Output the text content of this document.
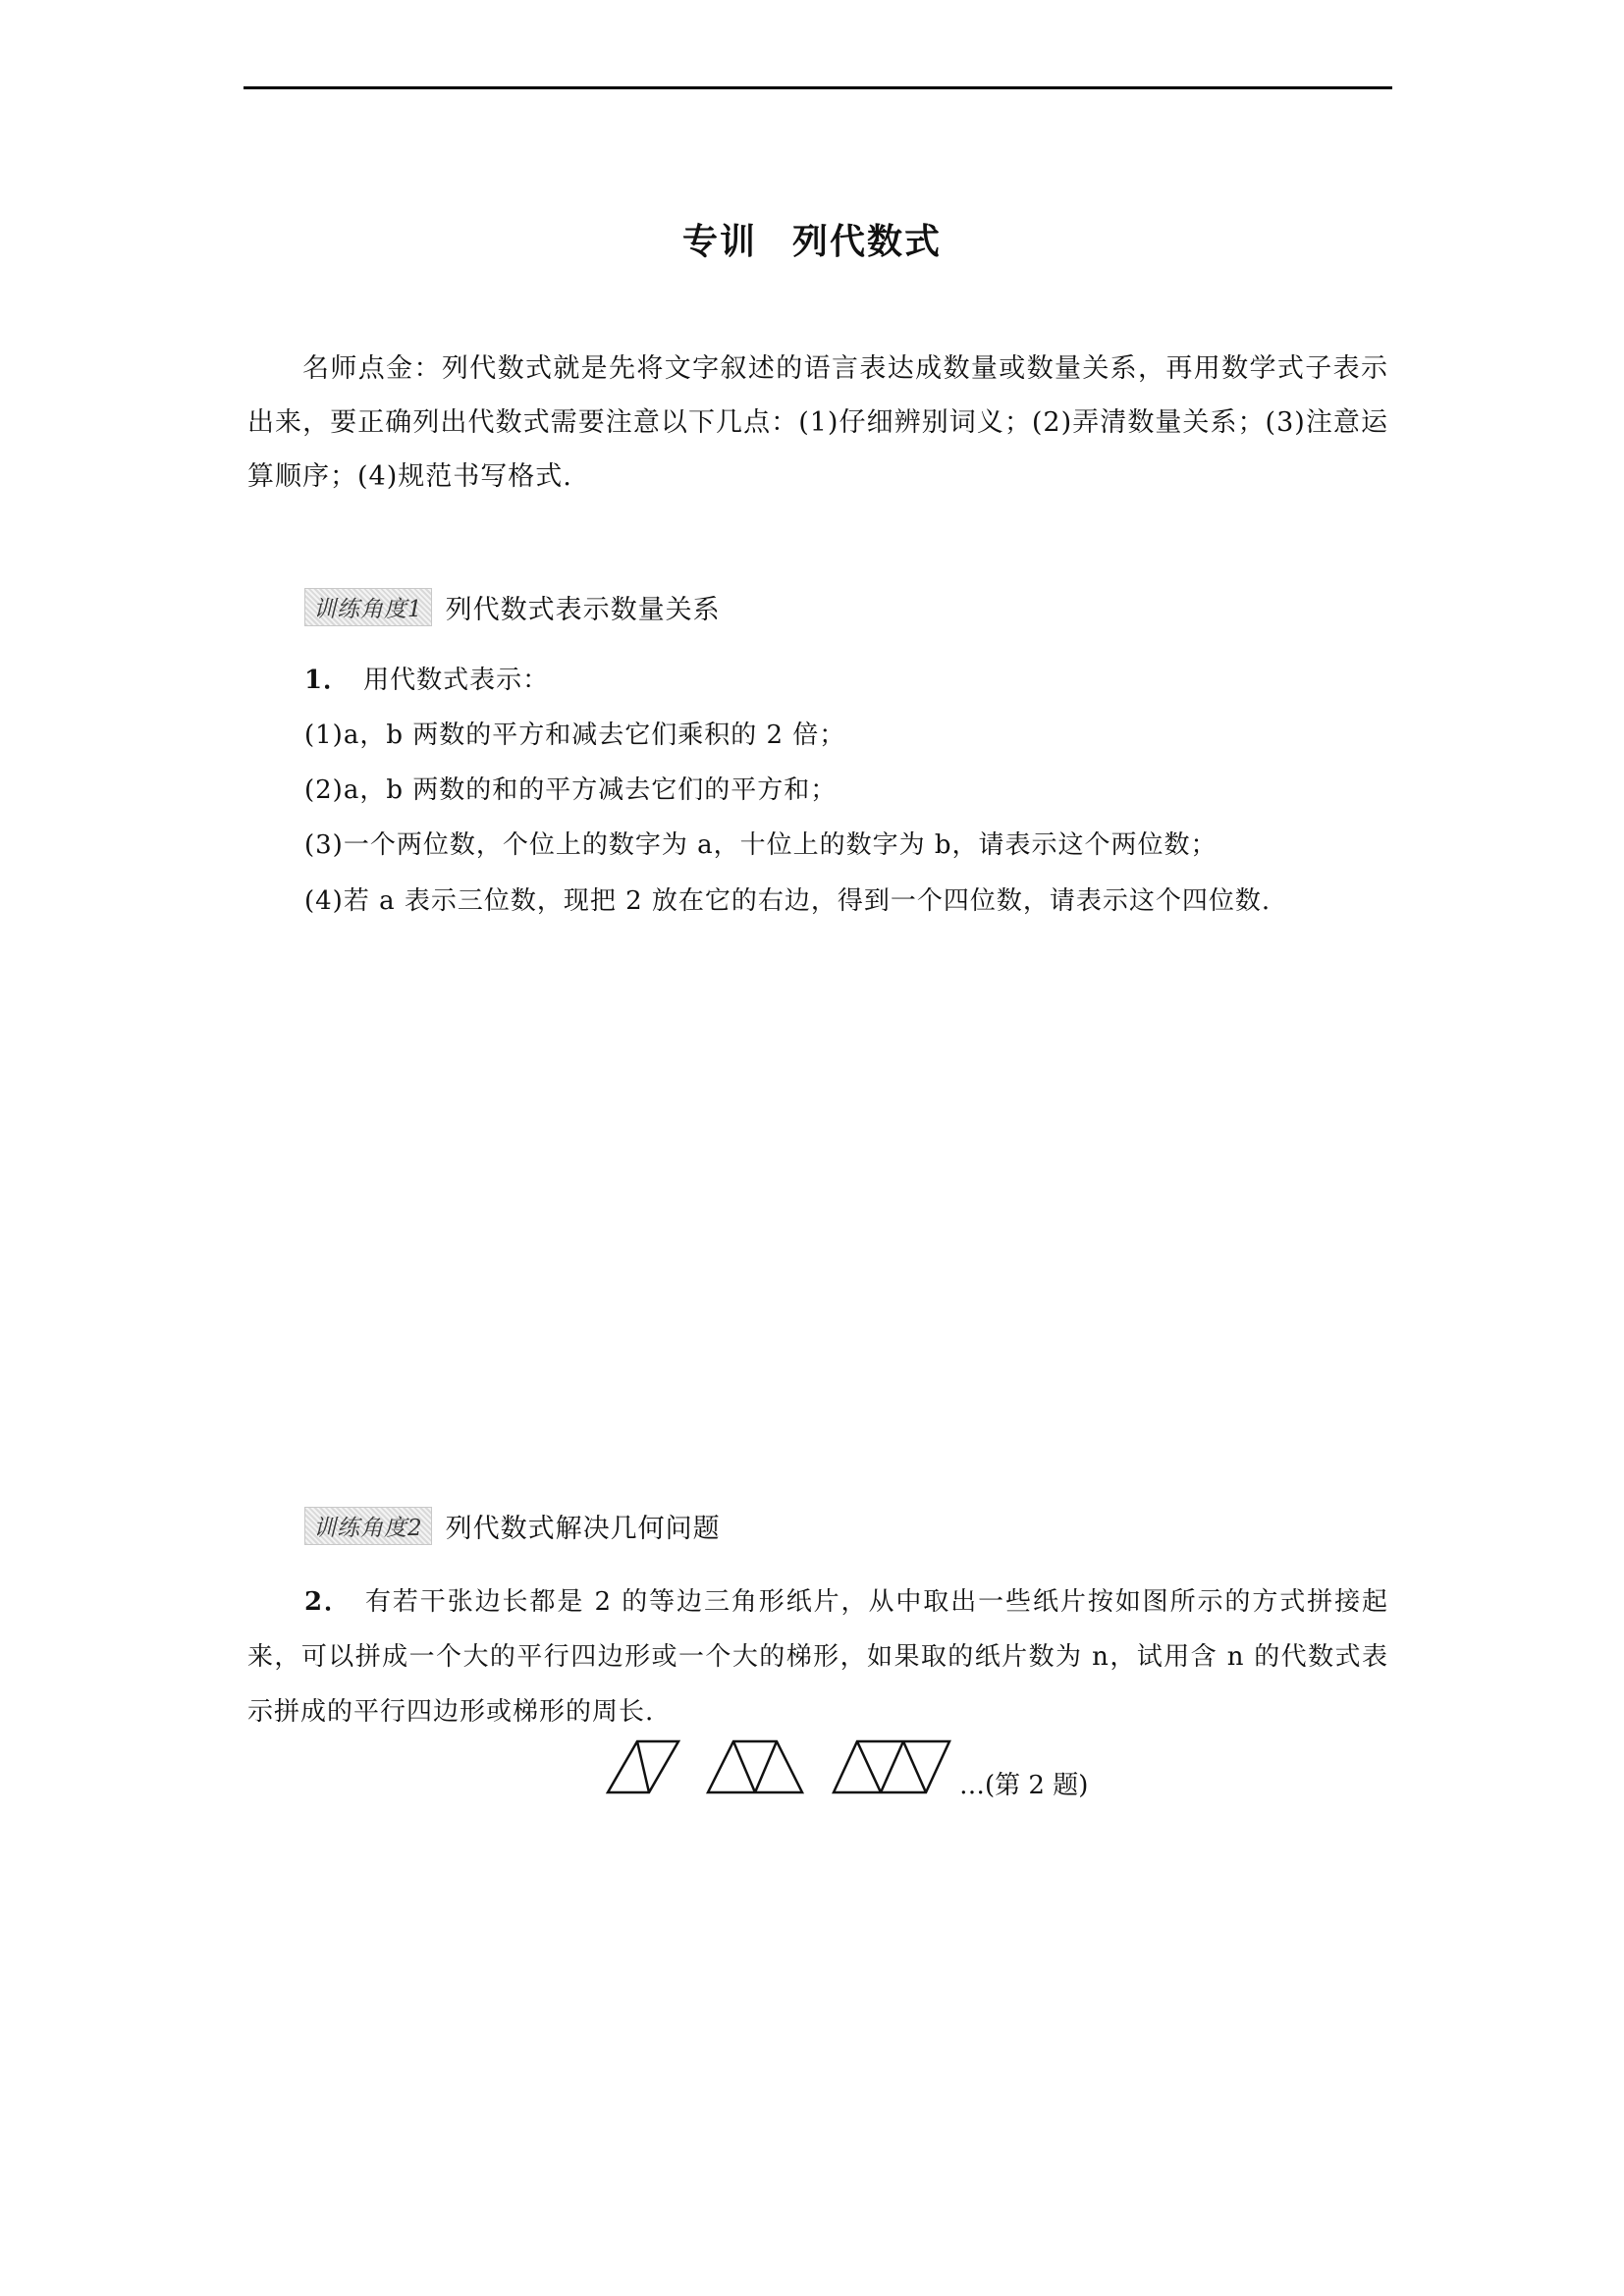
专训 列代数式
名师点金：列代数式就是先将文字叙述的语言表达成数量或数量关系，再用数学式子表示出来，要正确列出代数式需要注意以下几点：(1)仔细辨别词义；(2)弄清数量关系；(3)注意运算顺序；(4)规范书写格式.
训练角度1 列代数式表示数量关系
1． 用代数式表示：
(1)a，b 两数的平方和减去它们乘积的 2 倍；
(2)a，b 两数的和的平方减去它们的平方和；
(3)一个两位数，个位上的数字为 a，十位上的数字为 b，请表示这个两位数；
(4)若 a 表示三位数，现把 2 放在它的右边，得到一个四位数，请表示这个四位数.
训练角度2 列代数式解决几何问题
2． 有若干张边长都是 2 的等边三角形纸片，从中取出一些纸片按如图所示的方式拼接起来，可以拼成一个大的平行四边形或一个大的梯形，如果取的纸片数为 n，试用含 n 的代数式表示拼成的平行四边形或梯形的周长.
…(第 2 题)
